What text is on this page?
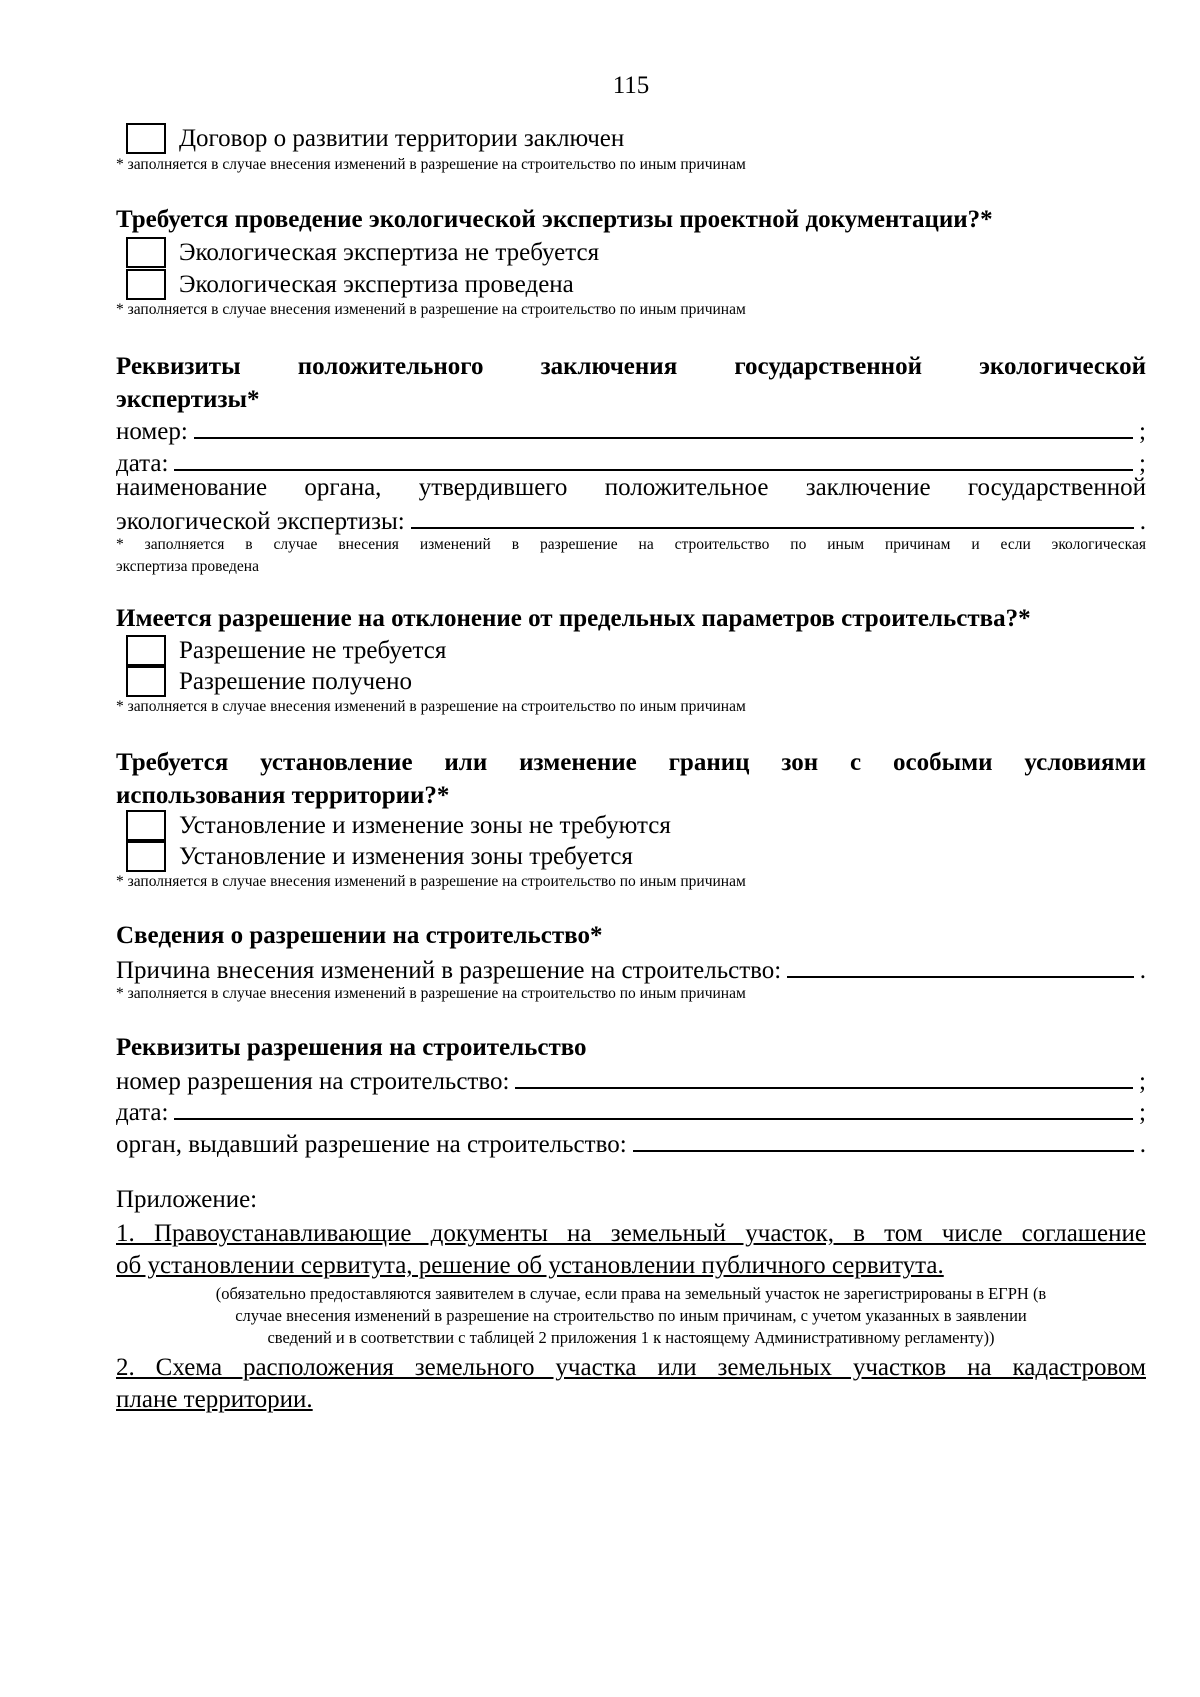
115
Договор о развитии территории заключен
* заполняется в случае внесения изменений в разрешение на строительство по иным причинам
Требуется проведение экологической экспертизы проектной документации?*
Экологическая экспертиза не требуется
Экологическая экспертиза проведена
* заполняется в случае внесения изменений в разрешение на строительство по иным причинам
Реквизиты положительного заключения государственной экологической
экспертизы*
номер:	;
дата:	;
наименование органа, утвердившего положительное заключение государственной
экологической экспертизы:	.
* заполняется в случае внесения изменений в разрешение на строительство по иным причинам и если экологическая
экспертиза проведена
Имеется разрешение на отклонение от предельных параметров строительства?*
Разрешение не требуется
Разрешение получено
* заполняется в случае внесения изменений в разрешение на строительство по иным причинам
Требуется установление или изменение границ зон с особыми условиями
использования территории?*
Установление и изменение зоны не требуются
Установление и изменения зоны требуется
* заполняется в случае внесения изменений в разрешение на строительство по иным причинам
Сведения о разрешении на строительство*
Причина внесения изменений в разрешение на строительство:	.
* заполняется в случае внесения изменений в разрешение на строительство по иным причинам
Реквизиты разрешения на строительство
номер разрешения на строительство:	;
дата:	;
орган, выдавший разрешение на строительство:	.
Приложение:
1. Правоустанавливающие документы на земельный участок, в том числе соглашение
об установлении сервитута, решение об установлении публичного сервитута.
(обязательно предоставляются заявителем в случае, если права на земельный участок не зарегистрированы в ЕГРН (в
случае внесения изменений в разрешение на строительство по иным причинам, с учетом указанных в заявлении
сведений и в соответствии с таблицей 2 приложения 1 к настоящему Административному регламенту))
2. Схема расположения земельного участка или земельных участков на кадастровом
плане территории.
